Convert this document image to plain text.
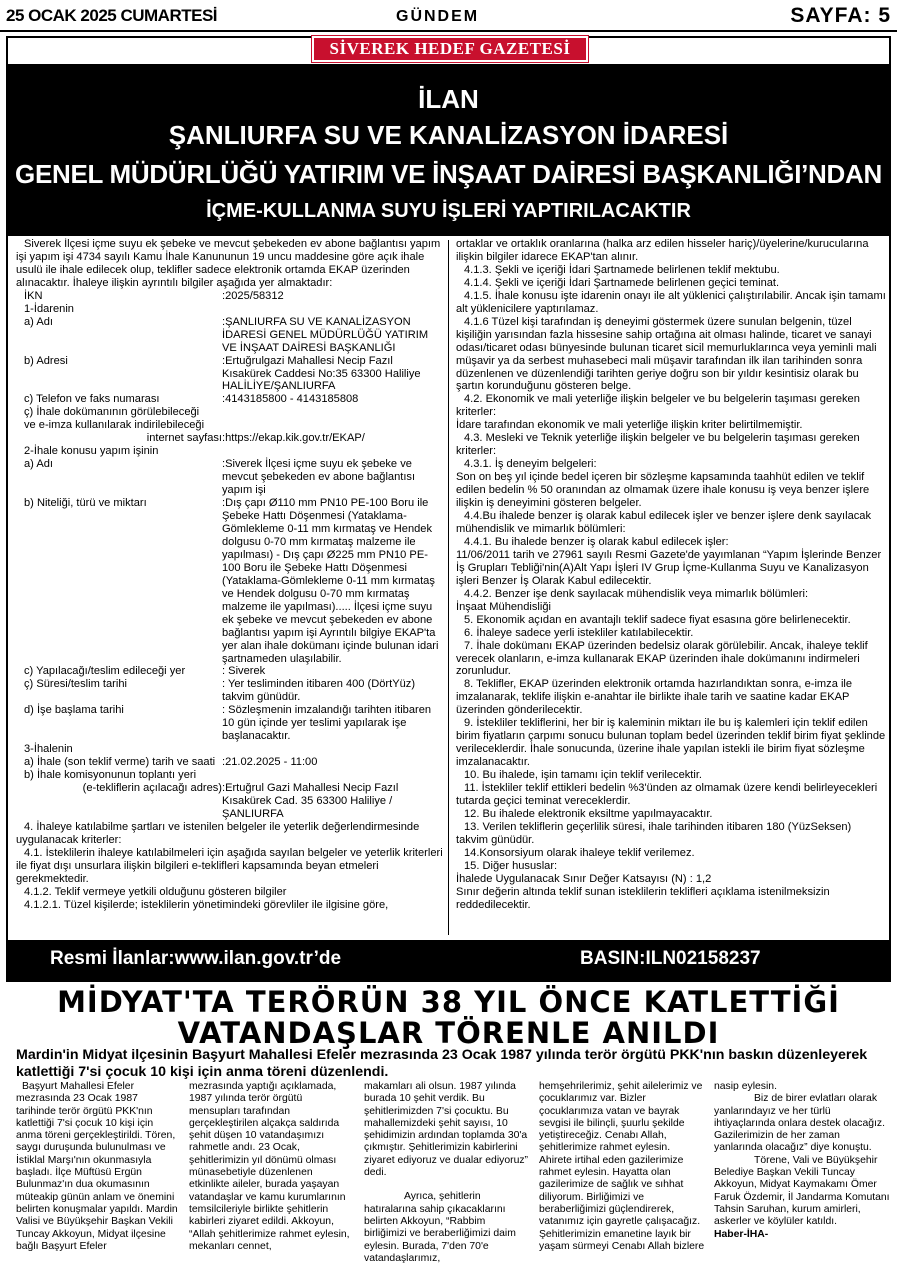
25 OCAK 2025 CUMARTESİ	GÜNDEM	SAYFA: 5
SİVEREK HEDEF GAZETESİ
İLAN
ŞANLIURFA SU VE KANALİZASYON İDARESİ
GENEL MÜDÜRLÜĞÜ YATIRIM VE İNŞAAT DAİRESİ BAŞKANLIĞI’NDAN
İÇME-KULLANMA SUYU İŞLERİ YAPTIRILACAKTIR
Siverek İlçesi içme suyu ek şebeke ve mevcut şebekeden ev abone bağlantısı yapım işi yapım işi 4734 sayılı Kamu İhale Kanununun 19 uncu maddesine göre açık ihale usulü ile ihale edilecek olup, teklifler sadece elektronik ortamda EKAP üzerinden alınacaktır. İhaleye ilişkin ayrıntılı bilgiler aşağıda yer almaktadır:
İKN	:2025/58312
1-İdarenin
a) Adı	:ŞANLIURFA SU VE KANALİZASYON İDARESİ GENEL MÜDÜRLÜĞÜ YATIRIM VE İNŞAAT DAİRESİ BAŞKANLIĞI
b) Adresi	:Ertuğrulgazi Mahallesi Necip Fazıl Kısakürek Caddesi No:35 63300 Haliliye HALİLİYE/ŞANLIURFA
c) Telefon ve faks numarası	:4143185800 - 4143185808
ç) İhale dokümanının görülebileceği
ve e-imza kullanılarak indirilebileceği
internet sayfası :https://ekap.kik.gov.tr/EKAP/
2-İhale konusu yapım işinin
a) Adı	:Siverek İlçesi içme suyu ek şebeke ve mevcut şebekeden ev abone bağlantısı yapım işi
b) Niteliği, türü ve miktarı	:Dış çapı Ø110 mm PN10 PE-100 Boru ile Şebeke Hattı Döşenmesi (Yataklama-Gömlekleme 0-11 mm kırmataş ve Hendek dolgusu 0-70 mm kırmataş malzeme ile yapılması) - Dış çapı Ø225 mm PN10 PE-100 Boru ile Şebeke Hattı Döşenmesi (Yataklama-Gömlekleme 0-11 mm kırmataş ve Hendek dolgusu 0-70 mm kırmataş malzeme ile yapılması)..... İlçesi içme suyu ek şebeke ve mevcut şebekeden ev abone bağlantısı yapım işi Ayrıntılı bilgiye EKAP'ta yer alan ihale dokümanı içinde bulunan idari şartnameden ulaşılabilir.
c) Yapılacağı/teslim edileceği yer	: Siverek
ç) Süresi/teslim tarihi	: Yer tesliminden itibaren 400 (DörtYüz) takvim günüdür.
d) İşe başlama tarihi	: Sözleşmenin imzalandığı tarihten itibaren 10 gün içinde yer teslimi yapılarak işe başlanacaktır.
3-İhalenin
a) İhale (son teklif verme) tarih ve saati :21.02.2025 - 11:00
b) İhale komisyonunun toplantı yeri
(e-tekliflerin açılacağı adres) :Ertuğrul Gazi Mahallesi Necip Fazıl Kısakürek Cad. 35 63300 Haliliye / ŞANLIURFA
4. İhaleye katılabilme şartları ve istenilen belgeler ile yeterlik değerlendirmesinde uygulanacak kriterler:
4.1. İsteklilerin ihaleye katılabilmeleri için aşağıda sayılan belgeler ve yeterlik kriterleri ile fiyat dışı unsurlara ilişkin bilgileri e-teklifleri kapsamında beyan etmeleri gerekmektedir.
4.1.2. Teklif vermeye yetkili olduğunu gösteren bilgiler
4.1.2.1. Tüzel kişilerde; isteklilerin yönetimindeki görevliler ile ilgisine göre,
ortaklar ve ortaklık oranlarına (halka arz edilen hisseler hariç)/üyelerine/kurucularına ilişkin bilgiler idarece EKAP'tan alınır.
4.1.3. Şekli ve içeriği İdari Şartnamede belirlenen teklif mektubu.
4.1.4. Şekli ve içeriği İdari Şartnamede belirlenen geçici teminat.
4.1.5. İhale konusu işte idarenin onayı ile alt yüklenici çalıştırılabilir. Ancak işin tamamı alt yüklenicilere yaptırılamaz.
4.1.6 Tüzel kişi tarafından iş deneyimi göstermek üzere sunulan belgenin, tüzel kişiliğin yarısından fazla hissesine sahip ortağına ait olması halinde, ticaret ve sanayi odası/ticaret odası bünyesinde bulunan ticaret sicil memurluklarınca veya yeminli mali müşavir ya da serbest muhasebeci mali müşavir tarafından ilk ilan tarihinden sonra düzenlenen ve düzenlendiği tarihten geriye doğru son bir yıldır kesintisiz olarak bu şartın korunduğunu gösteren belge.
4.2. Ekonomik ve mali yeterliğe ilişkin belgeler ve bu belgelerin taşıması gereken kriterler:
İdare tarafından ekonomik ve mali yeterliğe ilişkin kriter belirtilmemiştir.
4.3. Mesleki ve Teknik yeterliğe ilişkin belgeler ve bu belgelerin taşıması gereken kriterler:
4.3.1. İş deneyim belgeleri:
Son on beş yıl içinde bedel içeren bir sözleşme kapsamında taahhüt edilen ve teklif edilen bedelin % 50 oranından az olmamak üzere ihale konusu iş veya benzer işlere ilişkin iş deneyimini gösteren belgeler.
4.4.Bu ihalede benzer iş olarak kabul edilecek işler ve benzer işlere denk sayılacak mühendislik ve mimarlık bölümleri:
4.4.1. Bu ihalede benzer iş olarak kabul edilecek işler:
11/06/2011 tarih ve 27961 sayılı Resmi Gazete'de yayımlanan “Yapım İşlerinde Benzer İş Grupları Tebliği'nin(A)Alt Yapı İşleri IV Grup İçme-Kullanma Suyu ve Kanalizasyon işleri Benzer İş Olarak Kabul edilecektir.
4.4.2. Benzer işe denk sayılacak mühendislik veya mimarlık bölümleri:
İnşaat Mühendisliği
5. Ekonomik açıdan en avantajlı teklif sadece fiyat esasına göre belirlenecektir.
6. İhaleye sadece yerli istekliler katılabilecektir.
7. İhale dokümanı EKAP üzerinden bedelsiz olarak görülebilir. Ancak, ihaleye teklif verecek olanların, e-imza kullanarak EKAP üzerinden ihale dokümanını indirmeleri zorunludur.
8. Teklifler, EKAP üzerinden elektronik ortamda hazırlandıktan sonra, e-imza ile imzalanarak, teklife ilişkin e-anahtar ile birlikte ihale tarih ve saatine kadar EKAP üzerinden gönderilecektir.
9. İstekliler tekliflerini, her bir iş kaleminin miktarı ile bu iş kalemleri için teklif edilen birim fiyatların çarpımı sonucu bulunan toplam bedel üzerinden teklif birim fiyat şeklinde verileceklerdir. İhale sonucunda, üzerine ihale yapılan istekli ile birim fiyat sözleşme imzalanacaktır.
10. Bu ihalede, işin tamamı için teklif verilecektir.
11. İstekliler teklif ettikleri bedelin %3'ünden az olmamak üzere kendi belirleyecekleri tutarda geçici teminat vereceklerdir.
12. Bu ihalede elektronik eksiltme yapılmayacaktır.
13. Verilen tekliflerin geçerlilik süresi, ihale tarihinden itibaren 180 (YüzSeksen) takvim günüdür.
14.Konsorsiyum olarak ihaleye teklif verilemez.
15. Diğer hususlar:
İhalede Uygulanacak Sınır Değer Katsayısı (N) : 1,2
Sınır değerin altında teklif sunan isteklilerin teklifleri açıklama istenilmeksizin reddedilecektir.
Resmi İlanlar:www.ilan.gov.tr’de	BASIN:ILN02158237
MİDYAT'TA TERÖRÜN 38 YIL ÖNCE KATLETTİĞİ
VATANDAŞLAR TÖRENLE ANILDI
Mardin'in Midyat ilçesinin Başyurt Mahallesi Efeler mezrasında 23 Ocak 1987 yılında terör örgütü PKK'nın baskın düzenleyerek katlettiği 7'si çocuk 10 kişi için anma töreni düzenlendi.
Başyurt Mahallesi Efeler mezrasında 23 Ocak 1987 tarihinde terör örgütü PKK'nın katlettiği 7'si çocuk 10 kişi için anma töreni gerçekleştirildi. Tören, saygı duruşunda bulunulması ve İstiklal Marşı'nın okunmasıyla başladı. İlçe Müftüsü Ergün Bulunmaz'ın dua okumasının müteakip günün anlam ve önemini belirten konuşmalar yapıldı. Mardin Valisi ve Büyükşehir Başkan Vekili Tuncay Akkoyun, Midyat ilçesine bağlı Başyurt Efeler
mezrasında yaptığı açıklamada, 1987 yılında terör örgütü mensupları tarafından gerçekleştirilen alçakça saldırıda şehit düşen 10 vatandaşımızı rahmetle andı. 23 Ocak, şehitlerimizin yıl dönümü olması münasebetiyle düzenlenen etkinlikte aileler, burada yaşayan vatandaşlar ve kamu kurumlarının temsilcileriyle birlikte şehitlerin kabirleri ziyaret edildi. Akkoyun, “Allah şehitlerimize rahmet eylesin, mekanları cennet,
makamları ali olsun. 1987 yılında burada 10 şehit verdik. Bu şehitlerimizden 7'si çocuktu. Bu mahallemizdeki şehit sayısı, 10 şehidimizin ardından toplamda 30'a çıkmıştır. Şehitlerimizin kabirlerini ziyaret ediyoruz ve dualar ediyoruz” dedi.
Ayrıca, şehitlerin hatıralarına sahip çıkacaklarını belirten Akkoyun, “Rabbim birliğimizi ve beraberliğimizi daim eylesin. Burada, 7'den 70'e vatandaşlarımız,
hemşehrilerimiz, şehit ailelerimiz ve çocuklarımız var. Bizler çocuklarımıza vatan ve bayrak sevgisi ile bilinçli, şuurlu şekilde yetiştireceğiz. Cenabı Allah, şehitlerimize rahmet eylesin. Ahirete irtihal eden gazilerimize rahmet eylesin. Hayatta olan gazilerimize de sağlık ve sıhhat diliyorum. Birliğimizi ve beraberliğimizi güçlendirerek, vatanımız için gayretle çalışacağız. Şehitlerimizin emanetine layık bir yaşam sürmeyi Cenabı Allah bizlere
nasip eylesin.
Biz de birer evlatları olarak yanlarındayız ve her türlü ihtiyaçlarında onlara destek olacağız. Gazilerimizin de her zaman yanlarında olacağız” diye konuştu.
Törene, Vali ve Büyükşehir Belediye Başkan Vekili Tuncay Akkoyun, Midyat Kaymakamı Ömer Faruk Özdemir, İl Jandarma Komutanı Tahsin Saruhan, kurum amirleri, askerler ve köylüler katıldı.
Haber-İHA-
